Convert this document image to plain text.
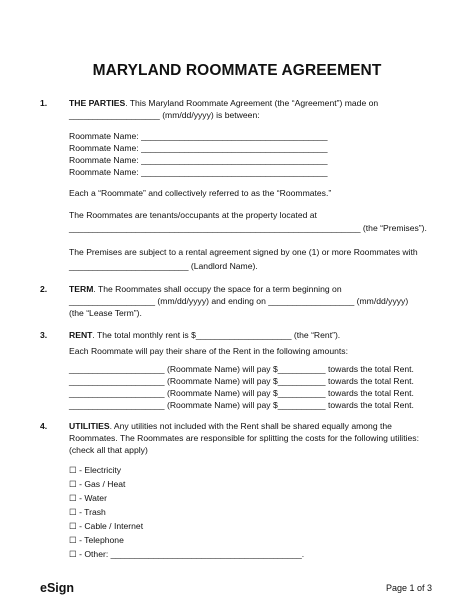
MARYLAND ROOMMATE AGREEMENT
1.	THE PARTIES. This Maryland Roommate Agreement (the “Agreement”) made on
___________________ (mm/dd/yyyy) is between:
Roommate Name: _______________________________________
Roommate Name: _______________________________________
Roommate Name: _______________________________________
Roommate Name: _______________________________________
Each a “Roommate” and collectively referred to as the “Roommates.”
The Roommates are tenants/occupants at the property located at
_____________________________________________________________ (the “Premises”).
The Premises are subject to a rental agreement signed by one (1) or more Roommates with
_________________________ (Landlord Name).
2.	TERM. The Roommates shall occupy the space for a term beginning on
__________________ (mm/dd/yyyy) and ending on __________________ (mm/dd/yyyy)
(the “Lease Term”).
3.	RENT. The total monthly rent is $____________________ (the “Rent”).
Each Roommate will pay their share of the Rent in the following amounts:
____________________ (Roommate Name) will pay $__________ towards the total Rent.
____________________ (Roommate Name) will pay $__________ towards the total Rent.
____________________ (Roommate Name) will pay $__________ towards the total Rent.
____________________ (Roommate Name) will pay $__________ towards the total Rent.
4.	UTILITIES. Any utilities not included with the Rent shall be shared equally among the
Roommates. The Roommates are responsible for splitting the costs for the following utilities:
(check all that apply)
☐ - Electricity
☐ - Gas / Heat
☐ - Water
☐ - Trash
☐ - Cable / Internet
☐ - Telephone
☐ - Other: ________________________________________.
eSign	Page 1 of 3
